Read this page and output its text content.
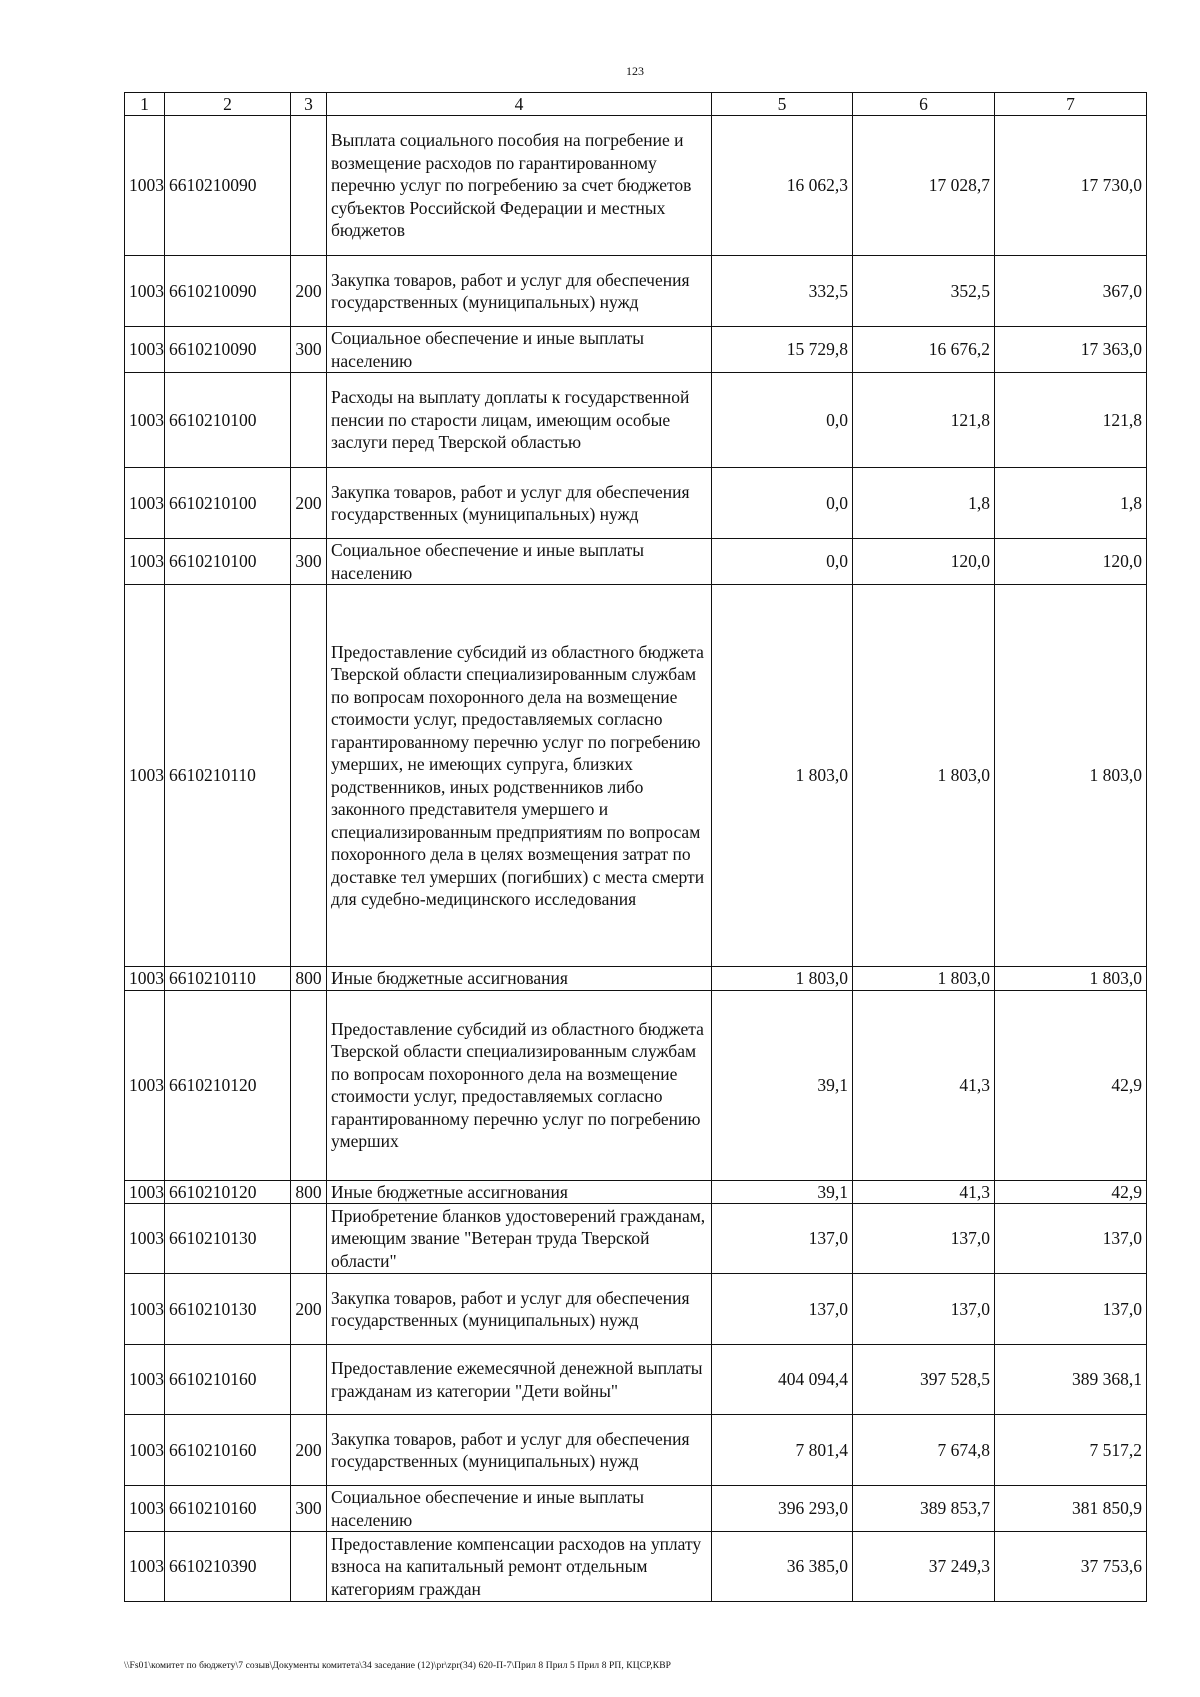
123
1	2	3	4	5	6	7
1003	6610210090		Выплата социального пособия на погребение и возмещение расходов по гарантированному перечню услуг по погребению за счет бюджетов субъектов Российской Федерации и местных бюджетов	16 062,3	17 028,7	17 730,0
1003	6610210090	200	Закупка товаров, работ и услуг для обеспечения государственных (муниципальных) нужд	332,5	352,5	367,0
1003	6610210090	300	Социальное обеспечение и иные выплаты населению	15 729,8	16 676,2	17 363,0
1003	6610210100		Расходы на выплату доплаты к государственной пенсии по старости лицам, имеющим особые заслуги перед Тверской областью	0,0	121,8	121,8
1003	6610210100	200	Закупка товаров, работ и услуг для обеспечения государственных (муниципальных) нужд	0,0	1,8	1,8
1003	6610210100	300	Социальное обеспечение и иные выплаты населению	0,0	120,0	120,0
1003	6610210110		Предоставление субсидий из областного бюджета Тверской области специализированным службам по вопросам похоронного дела на возмещение стоимости услуг, предоставляемых согласно гарантированному перечню услуг по погребению умерших, не имеющих супруга, близких родственников, иных родственников либо законного представителя умершего и специализированным предприятиям по вопросам похоронного дела в целях возмещения затрат по доставке тел умерших (погибших) с места смерти для судебно-медицинского исследования	1 803,0	1 803,0	1 803,0
1003	6610210110	800	Иные бюджетные ассигнования	1 803,0	1 803,0	1 803,0
1003	6610210120		Предоставление субсидий из областного бюджета Тверской области специализированным службам по вопросам похоронного дела на возмещение стоимости услуг, предоставляемых согласно гарантированному перечню услуг по погребению умерших	39,1	41,3	42,9
1003	6610210120	800	Иные бюджетные ассигнования	39,1	41,3	42,9
1003	6610210130		Приобретение бланков удостоверений гражданам, имеющим звание "Ветеран труда Тверской области"	137,0	137,0	137,0
1003	6610210130	200	Закупка товаров, работ и услуг для обеспечения государственных (муниципальных) нужд	137,0	137,0	137,0
1003	6610210160		Предоставление ежемесячной денежной выплаты гражданам из категории "Дети войны"	404 094,4	397 528,5	389 368,1
1003	6610210160	200	Закупка товаров, работ и услуг для обеспечения государственных (муниципальных) нужд	7 801,4	7 674,8	7 517,2
1003	6610210160	300	Социальное обеспечение и иные выплаты населению	396 293,0	389 853,7	381 850,9
1003	6610210390		Предоставление компенсации расходов на уплату взноса на капитальный ремонт отдельным категориям граждан	36 385,0	37 249,3	37 753,6
\\Fs01\комитет по бюджету\7 созыв\Документы комитета\34 заседание (12)\pr\zpr(34) 620-П-7\Прил 8 Прил 5 Прил 8 РП, КЦСР,КВР
